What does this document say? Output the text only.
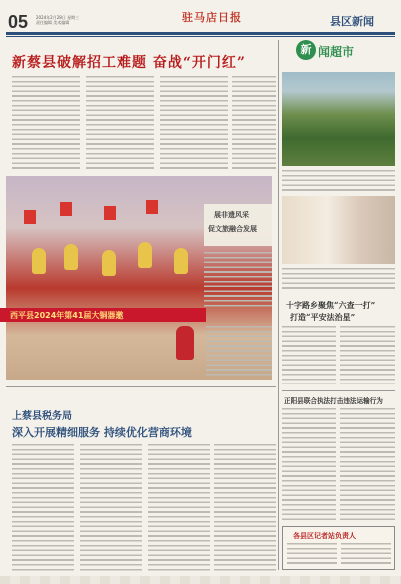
05 2024年2月28日 星期三
责任编辑 美术编辑	驻马店日报	县区新闻
新蔡县破解招工难题 奋战“开门红”
西平县2024年第41届大铜器邀
展非遗风采
促文旅融合发展
新 闻超市
十字路乡聚焦“六查一打”
打造“平安法治星”
正阳县联合执法打击违法运输行为
各县区记者站负责人
上蔡县税务局
深入开展精细服务 持续优化营商环境
